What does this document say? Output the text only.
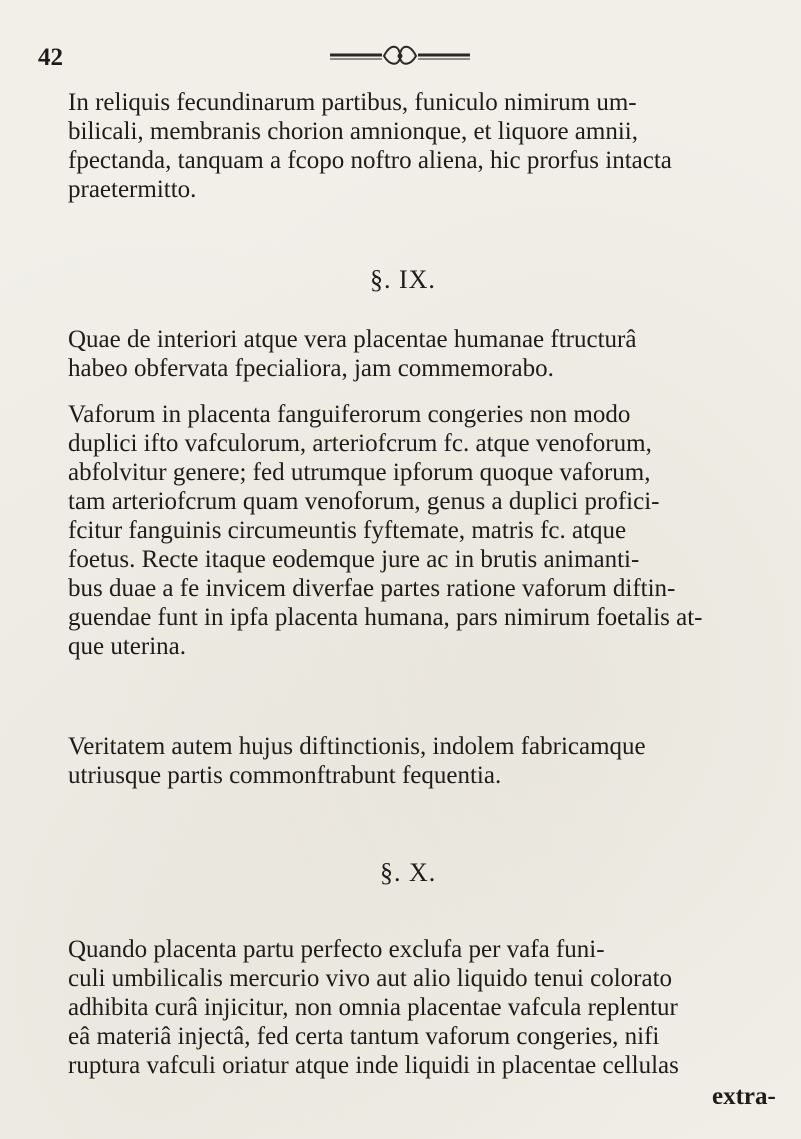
42
In reliquis fecundinarum partibus, funiculo nimirum um-
bilicali, membranis chorion amnionque, et liquore amnii,
fpectanda, tanquam a fcopo noftro aliena, hic prorfus intacta
praetermitto.
§. IX.
Quae de interiori atque vera placentae humanae ftructurâ
habeo obfervata fpecialiora, jam commemorabo.
Vaforum in placenta fanguiferorum congeries non modo
duplici ifto vafculorum, arteriofcrum fc. atque venoforum,
abfolvitur genere; fed utrumque ipforum quoque vaforum,
tam arteriofcrum quam venoforum, genus a duplici profici-
fcitur fanguinis circumeuntis fyftemate, matris fc. atque
foetus. Recte itaque eodemque jure ac in brutis animanti-
bus duae a fe invicem diverfae partes ratione vaforum diftin-
guendae funt in ipfa placenta humana, pars nimirum foetalis at-
que uterina.
Veritatem autem hujus diftinctionis, indolem fabricamque
utriusque partis commonftrabunt fequentia.
§. X.
Quando placenta partu perfecto exclufa per vafa funi-
culi umbilicalis mercurio vivo aut alio liquido tenui colorato
adhibita curâ injicitur, non omnia placentae vafcula replentur
eâ materiâ injectâ, fed certa tantum vaforum congeries, nifi
ruptura vafculi oriatur atque inde liquidi in placentae cellulas
extra-
